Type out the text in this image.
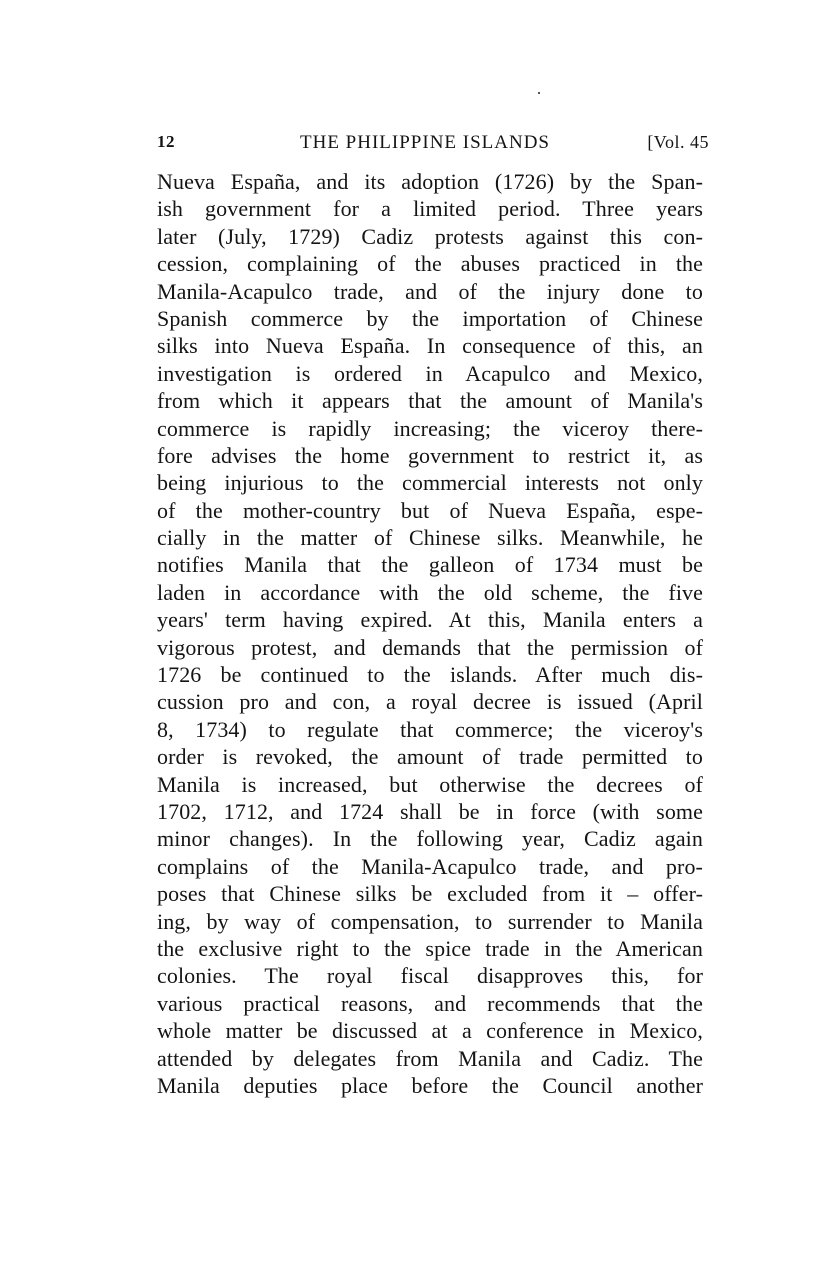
12	THE PHILIPPINE ISLANDS	[Vol. 45
Nueva España, and its adoption (1726) by the Span-
ish government for a limited period. Three years
later (July, 1729) Cadiz protests against this con-
cession, complaining of the abuses practiced in the
Manila-Acapulco trade, and of the injury done to
Spanish commerce by the importation of Chinese
silks into Nueva España. In consequence of this, an
investigation is ordered in Acapulco and Mexico,
from which it appears that the amount of Manila's
commerce is rapidly increasing; the viceroy there-
fore advises the home government to restrict it, as
being injurious to the commercial interests not only
of the mother-country but of Nueva España, espe-
cially in the matter of Chinese silks. Meanwhile, he
notifies Manila that the galleon of 1734 must be
laden in accordance with the old scheme, the five
years' term having expired. At this, Manila enters a
vigorous protest, and demands that the permission of
1726 be continued to the islands. After much dis-
cussion pro and con, a royal decree is issued (April
8, 1734) to regulate that commerce; the viceroy's
order is revoked, the amount of trade permitted to
Manila is increased, but otherwise the decrees of
1702, 1712, and 1724 shall be in force (with some
minor changes). In the following year, Cadiz again
complains of the Manila-Acapulco trade, and pro-
poses that Chinese silks be excluded from it – offer-
ing, by way of compensation, to surrender to Manila
the exclusive right to the spice trade in the American
colonies. The royal fiscal disapproves this, for
various practical reasons, and recommends that the
whole matter be discussed at a conference in Mexico,
attended by delegates from Manila and Cadiz. The
Manila deputies place before the Council another
